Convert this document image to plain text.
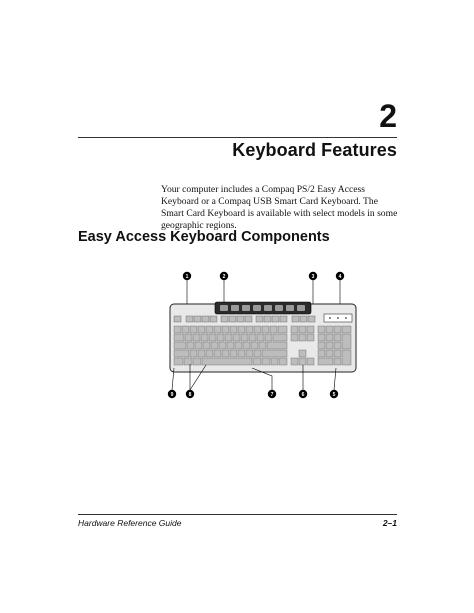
2
Keyboard Features
Your computer includes a Compaq PS/2 Easy Access Keyboard or a Compaq USB Smart Card Keyboard. The Smart Card Keyboard is available with select models in some geographic regions.
Easy Access Keyboard Components
1	2	3	4
9	8	7	6	5
Hardware Reference Guide	2–1
